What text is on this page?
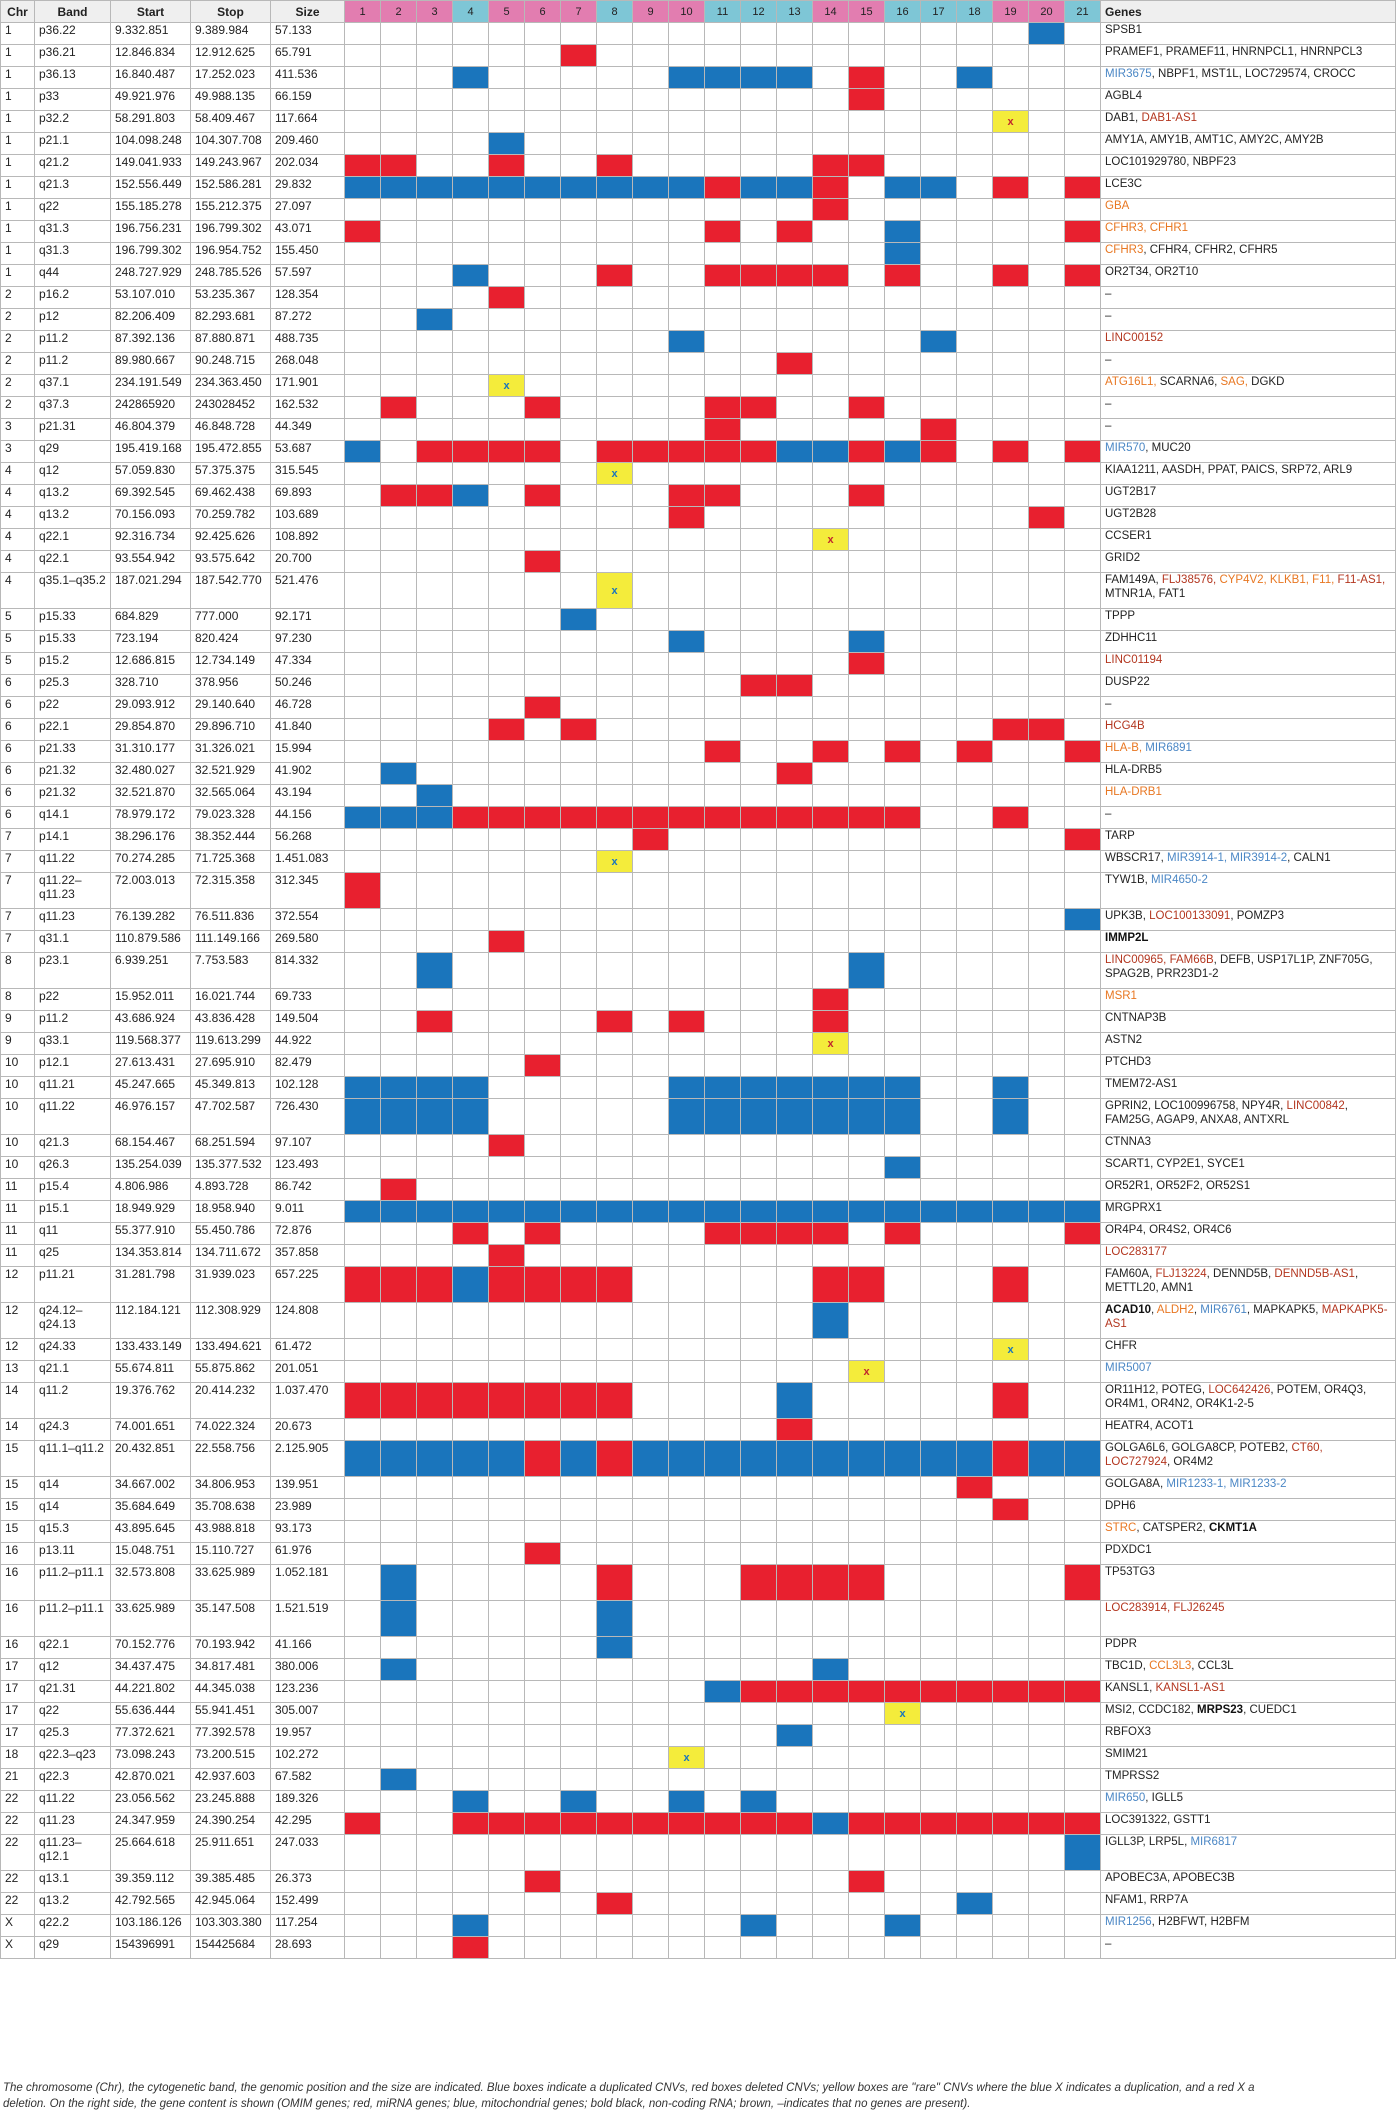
Chr	Band	Start	Stop	Size	1	2	3	4	5	6	7	8	9	10	11	12	13	14	15	16	17	18	19	20	21	Genes
1	p36.22	9.332.851	9.389.984	57.133																						SPSB1
1	p36.21	12.846.834	12.912.625	65.791																						PRAMEF1, PRAMEF11, HNRNPCL1, HNRNPCL3
1	p36.13	16.840.487	17.252.023	411.536																						MIR3675, NBPF1, MST1L, LOC729574, CROCC
1	p33	49.921.976	49.988.135	66.159																						AGBL4
1	p32.2	58.291.803	58.409.467	117.664																			x			DAB1, DAB1-AS1
1	p21.1	104.098.248	104.307.708	209.460																						AMY1A, AMY1B, AMT1C, AMY2C, AMY2B
1	q21.2	149.041.933	149.243.967	202.034																						LOC101929780, NBPF23
1	q21.3	152.556.449	152.586.281	29.832																						LCE3C
1	q22	155.185.278	155.212.375	27.097																						GBA
1	q31.3	196.756.231	196.799.302	43.071																						CFHR3, CFHR1
1	q31.3	196.799.302	196.954.752	155.450																						CFHR3, CFHR4, CFHR2, CFHR5
1	q44	248.727.929	248.785.526	57.597																						OR2T34, OR2T10
2	p16.2	53.107.010	53.235.367	128.354																						–
2	p12	82.206.409	82.293.681	87.272																						–
2	p11.2	87.392.136	87.880.871	488.735																						LINC00152
2	p11.2	89.980.667	90.248.715	268.048																						–
2	q37.1	234.191.549	234.363.450	171.901					x																	ATG16L1, SCARNA6, SAG, DGKD
2	q37.3	242865920	243028452	162.532																						–
3	p21.31	46.804.379	46.848.728	44.349																						–
3	q29	195.419.168	195.472.855	53.687																						MIR570, MUC20
4	q12	57.059.830	57.375.375	315.545								x														KIAA1211, AASDH, PPAT, PAICS, SRP72, ARL9
4	q13.2	69.392.545	69.462.438	69.893																						UGT2B17
4	q13.2	70.156.093	70.259.782	103.689																						UGT2B28
4	q22.1	92.316.734	92.425.626	108.892														x								CCSER1
4	q22.1	93.554.942	93.575.642	20.700																						GRID2
4	q35.1–q35.2	187.021.294	187.542.770	521.476								x														FAM149A, FLJ38576, CYP4V2, KLKB1, F11, F11-AS1, MTNR1A, FAT1
5	p15.33	684.829	777.000	92.171																						TPPP
5	p15.33	723.194	820.424	97.230																						ZDHHC11
5	p15.2	12.686.815	12.734.149	47.334																						LINC01194
6	p25.3	328.710	378.956	50.246																						DUSP22
6	p22	29.093.912	29.140.640	46.728																						–
6	p22.1	29.854.870	29.896.710	41.840																						HCG4B
6	p21.33	31.310.177	31.326.021	15.994																						HLA-B, MIR6891
6	p21.32	32.480.027	32.521.929	41.902																						HLA-DRB5
6	p21.32	32.521.870	32.565.064	43.194																						HLA-DRB1
6	q14.1	78.979.172	79.023.328	44.156																						–
7	p14.1	38.296.176	38.352.444	56.268																						TARP
7	q11.22	70.274.285	71.725.368	1.451.083								x														WBSCR17, MIR3914-1, MIR3914-2, CALN1
7	q11.22–q11.23	72.003.013	72.315.358	312.345																						TYW1B, MIR4650-2
7	q11.23	76.139.282	76.511.836	372.554																						UPK3B, LOC100133091, POMZP3
7	q31.1	110.879.586	111.149.166	269.580																						IMMP2L
8	p23.1	6.939.251	7.753.583	814.332																						LINC00965, FAM66B, DEFB, USP17L1P, ZNF705G, SPAG2B, PRR23D1-2
8	p22	15.952.011	16.021.744	69.733																						MSR1
9	p11.2	43.686.924	43.836.428	149.504																						CNTNAP3B
9	q33.1	119.568.377	119.613.299	44.922														x								ASTN2
10	p12.1	27.613.431	27.695.910	82.479																						PTCHD3
10	q11.21	45.247.665	45.349.813	102.128																						TMEM72-AS1
10	q11.22	46.976.157	47.702.587	726.430																						GPRIN2, LOC100996758, NPY4R, LINC00842, FAM25G, AGAP9, ANXA8, ANTXRL
10	q21.3	68.154.467	68.251.594	97.107																						CTNNA3
10	q26.3	135.254.039	135.377.532	123.493																						SCART1, CYP2E1, SYCE1
11	p15.4	4.806.986	4.893.728	86.742																						OR52R1, OR52F2, OR52S1
11	p15.1	18.949.929	18.958.940	9.011																						MRGPRX1
11	q11	55.377.910	55.450.786	72.876																						OR4P4, OR4S2, OR4C6
11	q25	134.353.814	134.711.672	357.858																						LOC283177
12	p11.21	31.281.798	31.939.023	657.225																						FAM60A, FLJ13224, DENND5B, DENND5B-AS1, METTL20, AMN1
12	q24.12–q24.13	112.184.121	112.308.929	124.808																						ACAD10, ALDH2, MIR6761, MAPKAPK5, MAPKAPK5-AS1
12	q24.33	133.433.149	133.494.621	61.472																			x			CHFR
13	q21.1	55.674.811	55.875.862	201.051															x							MIR5007
14	q11.2	19.376.762	20.414.232	1.037.470																						OR11H12, POTEG, LOC642426, POTEM, OR4Q3, OR4M1, OR4N2, OR4K1-2-5
14	q24.3	74.001.651	74.022.324	20.673																						HEATR4, ACOT1
15	q11.1–q11.2	20.432.851	22.558.756	2.125.905																						GOLGA6L6, GOLGA8CP, POTEB2, CT60, LOC727924, OR4M2
15	q14	34.667.002	34.806.953	139.951																						GOLGA8A, MIR1233-1, MIR1233-2
15	q14	35.684.649	35.708.638	23.989																						DPH6
15	q15.3	43.895.645	43.988.818	93.173																						STRC, CATSPER2, CKMT1A
16	p13.11	15.048.751	15.110.727	61.976																						PDXDC1
16	p11.2–p11.1	32.573.808	33.625.989	1.052.181																						TP53TG3
16	p11.2–p11.1	33.625.989	35.147.508	1.521.519																						LOC283914, FLJ26245
16	q22.1	70.152.776	70.193.942	41.166																						PDPR
17	q12	34.437.475	34.817.481	380.006																						TBC1D, CCL3L3, CCL3L
17	q21.31	44.221.802	44.345.038	123.236																						KANSL1, KANSL1-AS1
17	q22	55.636.444	55.941.451	305.007																x						MSI2, CCDC182, MRPS23, CUEDC1
17	q25.3	77.372.621	77.392.578	19.957																						RBFOX3
18	q22.3–q23	73.098.243	73.200.515	102.272										x												SMIM21
21	q22.3	42.870.021	42.937.603	67.582																						TMPRSS2
22	q11.22	23.056.562	23.245.888	189.326																						MIR650, IGLL5
22	q11.23	24.347.959	24.390.254	42.295																						LOC391322, GSTT1
22	q11.23–q12.1	25.664.618	25.911.651	247.033																						IGLL3P, LRP5L, MIR6817
22	q13.1	39.359.112	39.385.485	26.373																						APOBEC3A, APOBEC3B
22	q13.2	42.792.565	42.945.064	152.499																						NFAM1, RRP7A
X	q22.2	103.186.126	103.303.380	117.254																						MIR1256, H2BFWT, H2BFM
X	q29	154396991	154425684	28.693																						–
The chromosome (Chr), the cytogenetic band, the genomic position and the size are indicated. Blue boxes indicate a duplicated CNVs, red boxes deleted CNVs; yellow boxes are "rare" CNVs where the blue X indicates a duplication, and a red X a deletion. On the right side, the gene content is shown (OMIM genes; red, miRNA genes; blue, mitochondrial genes; bold black, non-coding RNA; brown, –indicates that no genes are present).
